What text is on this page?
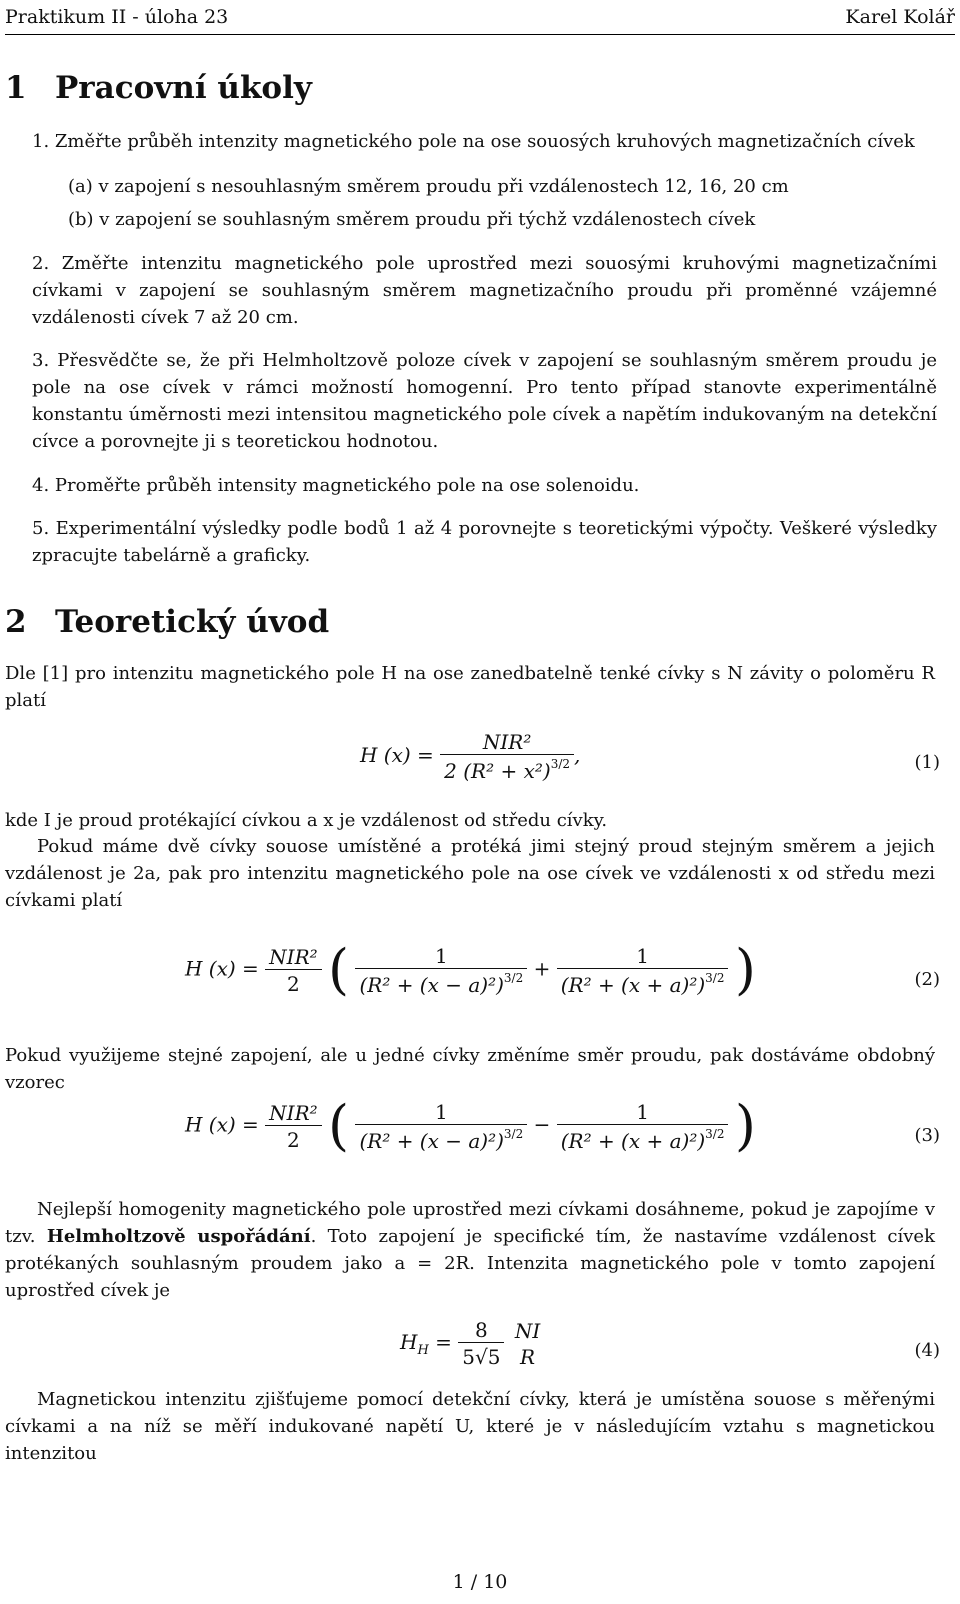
Praktikum II - úloha 23	Karel Kolář
1 Pracovní úkoly

1. Změřte průběh intenzity magnetického pole na ose souosých kruhových magnetizačních cívek

(a) v zapojení s nesouhlasným směrem proudu při vzdálenostech 12, 16, 20 cm

(b) v zapojení se souhlasným směrem proudu při týchž vzdálenostech cívek

2. Změřte intenzitu magnetického pole uprostřed mezi souosými kruhovými magnetizačními cívkami v zapojení se souhlasným směrem magnetizačního proudu při proměnné vzájemné vzdálenosti cívek 7 až 20 cm.

3. Přesvědčte se, že při Helmholtzově poloze cívek v zapojení se souhlasným směrem proudu je pole na ose cívek v rámci možností homogenní. Pro tento případ stanovte experimentálně konstantu úměrnosti mezi intensitou magnetického pole cívek a napětím indukovaným na detekční cívce a porovnejte ji s teoretickou hodnotou.

4. Proměřte průběh intensity magnetického pole na ose solenoidu.

5. Experimentální výsledky podle bodů 1 až 4 porovnejte s teoretickými výpočty. Veškeré výsledky zpracujte tabelárně a graficky.

2 Teoretický úvod

Dle [1] pro intenzitu magnetického pole H na ose zanedbatelně tenké cívky s N závity o poloměru R platí

H $(x) = \frac{\text{NIR²}}{2 (R^2 + x^2)^{3/2}}$ ,	(1)

kde I je proud protékající cívkou a x je vzdálenost od středu cívky.

Pokud máme dvě cívky souose umístěné a protéká jimi stejný proud stejným směrem a jejich vzdálenost je 2a, pak pro intenzitu magnetického pole na ose cívek ve vzdálenosti x od středu mezi cívkami platí

H $(x) = \frac{\text{NIR²}}{2}$ ( $\frac{1}{(R^2 + (x - a)^2)^{3/2}} + \frac{1}{(R^2 + (x + a)^2)^{3/2}}$ )	(2)

Pokud využijeme stejné zapojení, ale u jedné cívky změníme směr proudu, pak dostáváme obdobný vzorec

H $(x) = \frac{\text{NIR²}}{2}$ ( $\frac{1}{(R^2 + (x - a)^2)^{3/2}} - \frac{1}{(R^2 + (x + a)^2)^{3/2}}$ )	(3)

Nejlepší homogenity magnetického pole uprostřed mezi cívkami dosáhneme, pokud je zapojíme v tzv. Helmholtzově uspořádání. Toto zapojení je specifické tím, že nastavíme vzdálenost cívek protékaných souhlasným proudem jako a = 2R. Intenzita magnetického pole v tomto zapojení uprostřed cívek je

$H_H = \frac{8}{5√5}$
NI
R	(4)

Magnetickou intenzitu zjišťujeme pomocí detekční cívky, která je umístěna souose s měřenými cívkami a na níž se měří indukované napětí U, které je v následujícím vztahu s magnetickou intenzitou

1 / 10
